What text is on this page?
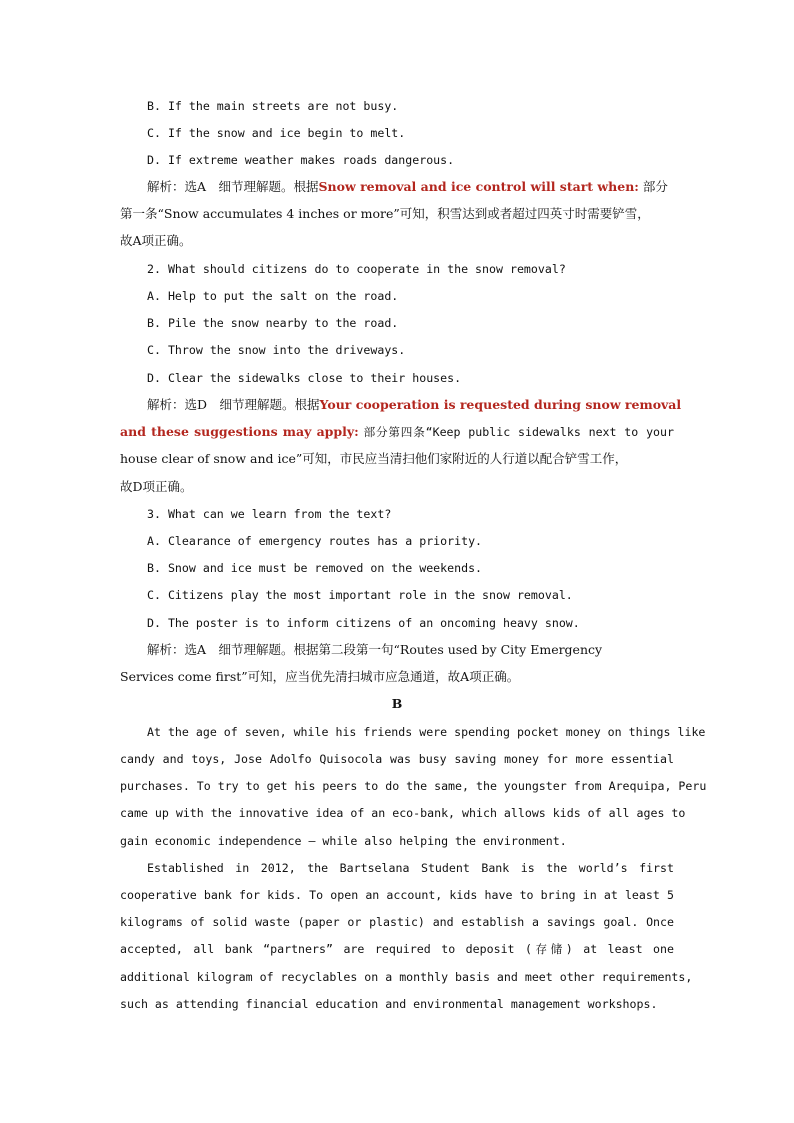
B. If the main streets are not busy.
C. If the snow and ice begin to melt.
D. If extreme weather makes roads dangerous.
解析：选A　细节理解题。根据Snow removal and ice control will start when: 部分
第一条“Snow accumulates 4 inches or more”可知，积雪达到或者超过四英寸时需要铲雪，
故A项正确。
2. What should citizens do to cooperate in the snow removal?
A. Help to put the salt on the road.
B. Pile the snow nearby to the road.
C. Throw the snow into the driveways.
D. Clear the sidewalks close to their houses.
解析：选D　细节理解题。根据Your cooperation is requested during snow removal
and these suggestions may apply: 部分第四条“Keep public sidewalks next to your
house clear of snow and ice”可知，市民应当清扫他们家附近的人行道以配合铲雪工作，
故D项正确。
3. What can we learn from the text?
A. Clearance of emergency routes has a priority.
B. Snow and ice must be removed on the weekends.
C. Citizens play the most important role in the snow removal.
D. The poster is to inform citizens of an oncoming heavy snow.
解析：选A　细节理解题。根据第二段第一句“Routes used by City Emergency
Services come first”可知，应当优先清扫城市应急通道，故A项正确。
B
At the age of seven, while his friends were spending pocket money on things like
candy and toys, Jose Adolfo Quisocola was busy saving money for more essential
purchases. To try to get his peers to do the same, the youngster from Arequipa, Peru
came up with the innovative idea of an eco-bank, which allows kids of all ages to
gain economic independence — while also helping the environment.
Established in 2012, the Bartselana Student Bank is the world’s first
cooperative bank for kids. To open an account, kids have to bring in at least 5
kilograms of solid waste (paper or plastic) and establish a savings goal. Once
accepted, all bank “partners” are required to deposit (存储) at least one
additional kilogram of recyclables on a monthly basis and meet other requirements,
such as attending financial education and environmental management workshops.
